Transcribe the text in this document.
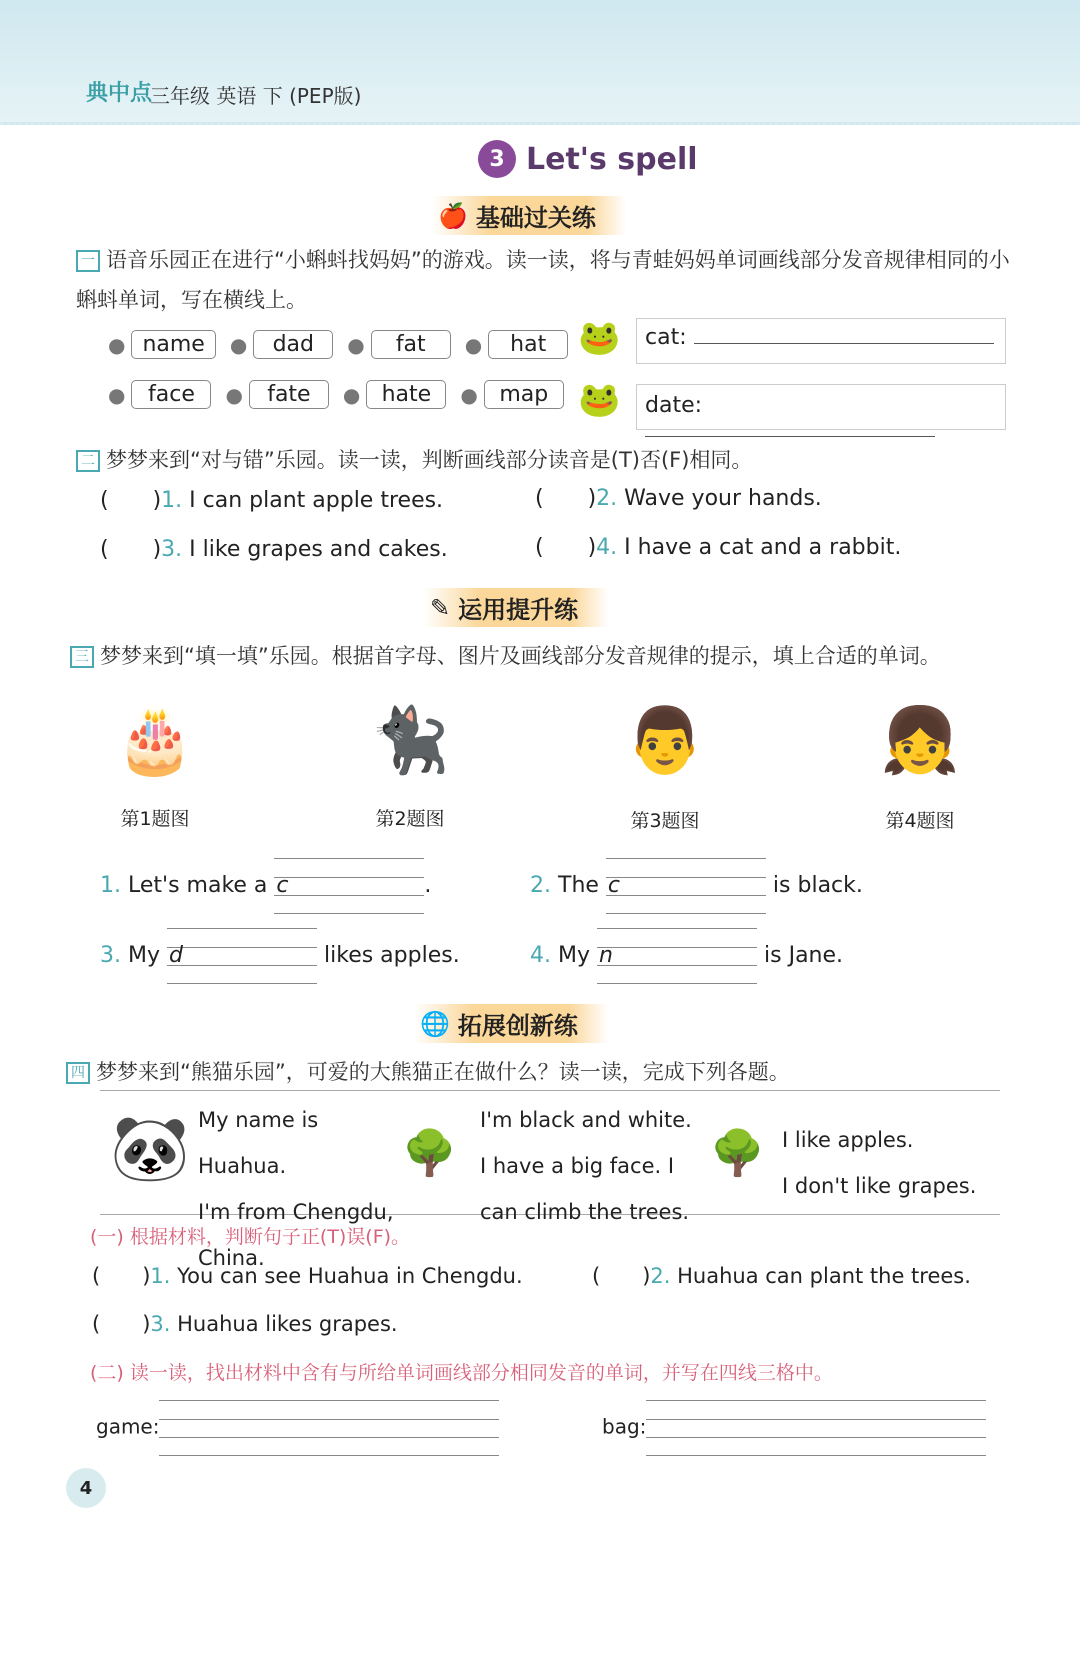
典中点
三年级 英语 下 (PEP版)
3 Let's spell
🍎 基础过关练
一 语音乐园正在进行“小蝌蚪找妈妈”的游戏。读一读，将与青蛙妈妈单词画线部分发音规律相同的小蝌蚪单词，写在横线上。
● name	●	dad	●	fat	●	hat
●	face	●	fate	● hate	● map
🐸
🐸
cat:
date:
二 梦梦来到“对与错”乐园。读一读，判断画线部分读音是(T)否(F)相同。
(  )1. I can plant apple trees.	(  )2. Wave your hands.
(  )3. I like grapes and cakes.	(  )4. I have a cat and a rabbit.
✎ 运用提升练
三 梦梦来到“填一填”乐园。根据首字母、图片及画线部分发音规律的提示，填上合适的单词。
🎂	🐈‍⬛	👨	👧
第1题图	第2题图	第3题图	第4题图
1. Let's make a c	.	2. The c	is black.
3. My d	likes apples.	4. My n	is Jane.
🌐 拓展创新练
四 梦梦来到“熊猫乐园”，可爱的大熊猫正在做什么？读一读，完成下列各题。
🐼 My name is Huahua.
I'm from Chengdu, China.
🌳
I'm black and white.
I have a big face. I can climb the trees.
🌳 I like apples.
I don't like grapes.
(一) 根据材料，判断句子正(T)误(F)。
(  )1. You can see Huahua in Chengdu.	(  )2. Huahua can plant the trees.
(  )3. Huahua likes grapes.
(二) 读一读，找出材料中含有与所给单词画线部分相同发音的单词，并写在四线三格中。
game:	bag:
4
